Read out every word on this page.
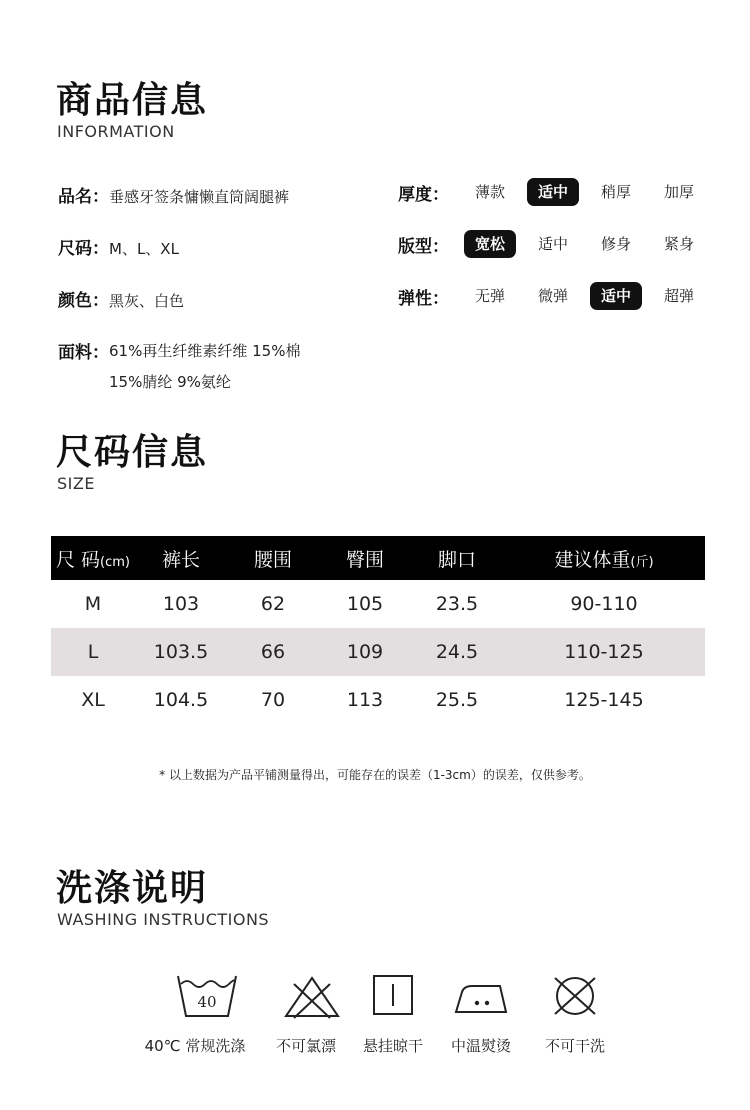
商品信息
INFORMATION
品名： 垂感牙签条慵懒直筒阔腿裤
尺码： M、L、XL
颜色： 黑灰、白色
面料： 61%再生纤维素纤维 15%棉
15%腈纶 9%氨纶
厚度：	薄款	适中	稍厚	加厚
版型：	宽松	适中	修身	紧身
弹性：	无弹	微弹	适中	超弹
尺码信息
SIZE
尺 码(cm)	裤长	腰围	臀围	脚口	建议体重(斤)
M	103	62	105	23.5	90-110
L	103.5	66	109	24.5	110-125
XL	104.5	70	113	25.5	125-145
* 以上数据为产品平铺测量得出，可能存在的误差（1-3cm）的误差，仅供参考。
洗涤说明
WASHING INSTRUCTIONS
40
40℃ 常规洗涤	不可氯漂	悬挂晾干	中温熨烫	不可干洗
